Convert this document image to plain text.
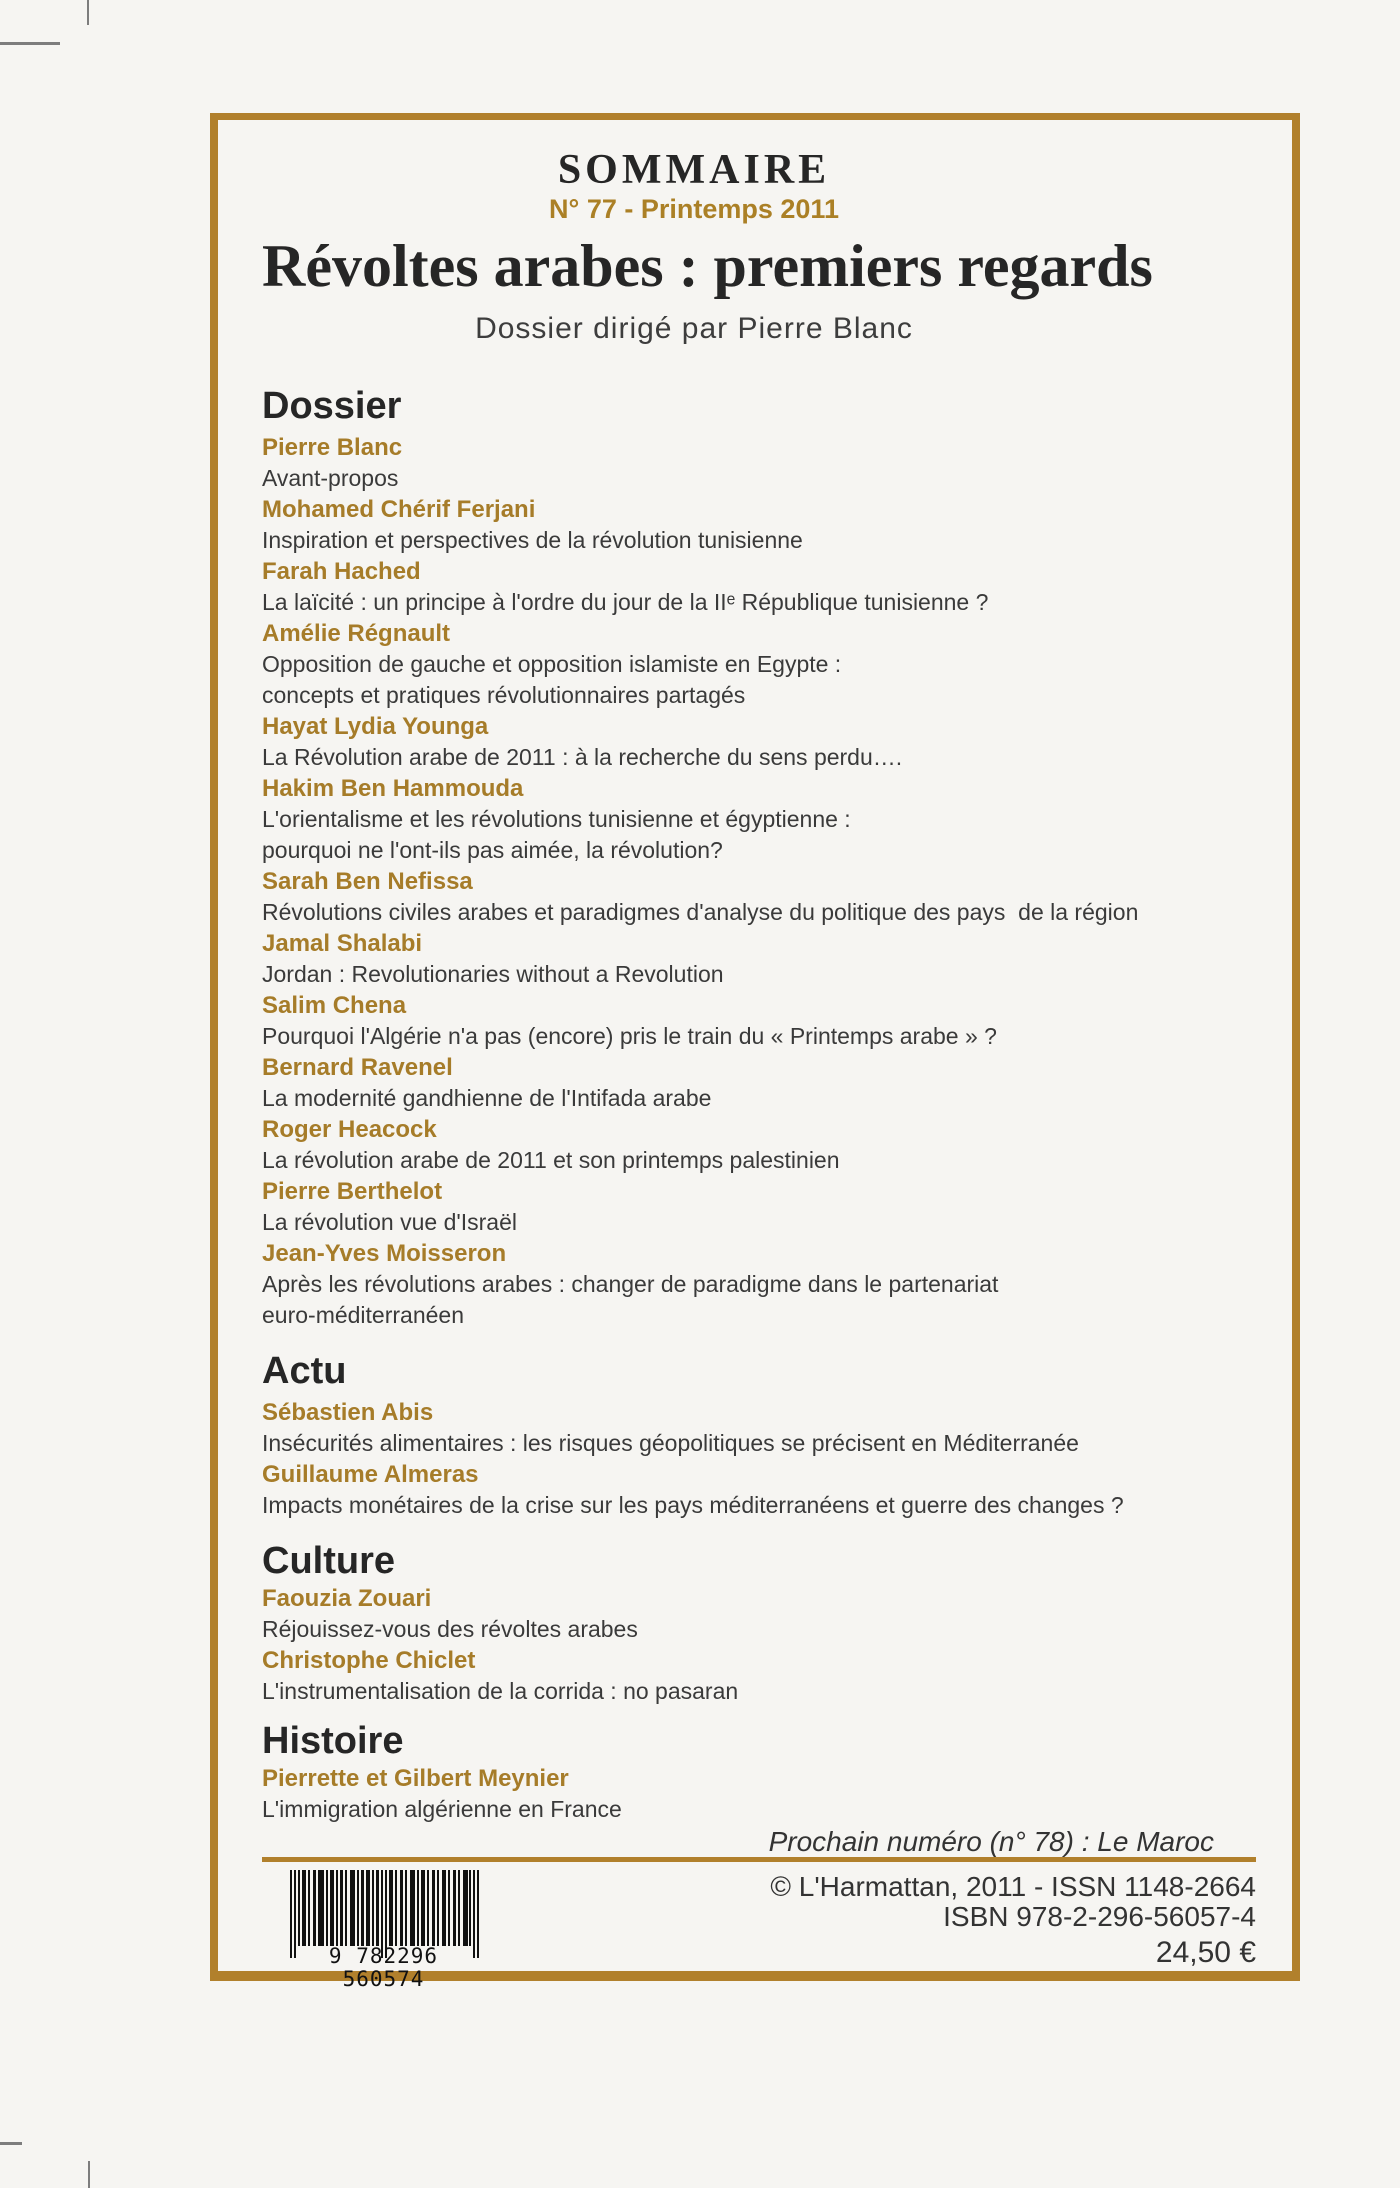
SOMMAIRE
N° 77 - Printemps 2011
Révoltes arabes : premiers regards
Dossier dirigé par Pierre Blanc
Dossier
Pierre Blanc
Avant-propos
Mohamed Chérif Ferjani
Inspiration et perspectives de la révolution tunisienne
Farah Hached
La laïcité : un principe à l'ordre du jour de la IIᵉ République tunisienne ?
Amélie Régnault
Opposition de gauche et opposition islamiste en Egypte :
concepts et pratiques révolutionnaires partagés
Hayat Lydia Younga
La Révolution arabe de 2011 : à la recherche du sens perdu….
Hakim Ben Hammouda
L'orientalisme et les révolutions tunisienne et égyptienne :
pourquoi ne l'ont-ils pas aimée, la révolution?
Sarah Ben Nefissa
Révolutions civiles arabes et paradigmes d'analyse du politique des pays  de la région
Jamal Shalabi
Jordan : Revolutionaries without a Revolution
Salim Chena
Pourquoi l'Algérie n'a pas (encore) pris le train du « Printemps arabe » ?
Bernard Ravenel
La modernité gandhienne de l'Intifada arabe
Roger Heacock
La révolution arabe de 2011 et son printemps palestinien
Pierre Berthelot
La révolution vue d'Israël
Jean-Yves Moisseron
Après les révolutions arabes : changer de paradigme dans le partenariat
euro-méditerranéen
Actu
Sébastien Abis
Insécurités alimentaires : les risques géopolitiques se précisent en Méditerranée
Guillaume Almeras
Impacts monétaires de la crise sur les pays méditerranéens et guerre des changes ?
Culture
Faouzia Zouari
Réjouissez-vous des révoltes arabes
Christophe Chiclet
L'instrumentalisation de la corrida : no pasaran
Histoire
Pierrette et Gilbert Meynier
L'immigration algérienne en France
Prochain numéro (n° 78) : Le Maroc
9 782296 560574
© L'Harmattan, 2011 - ISSN 1148-2664
ISBN 978-2-296-56057-4
24,50 €
